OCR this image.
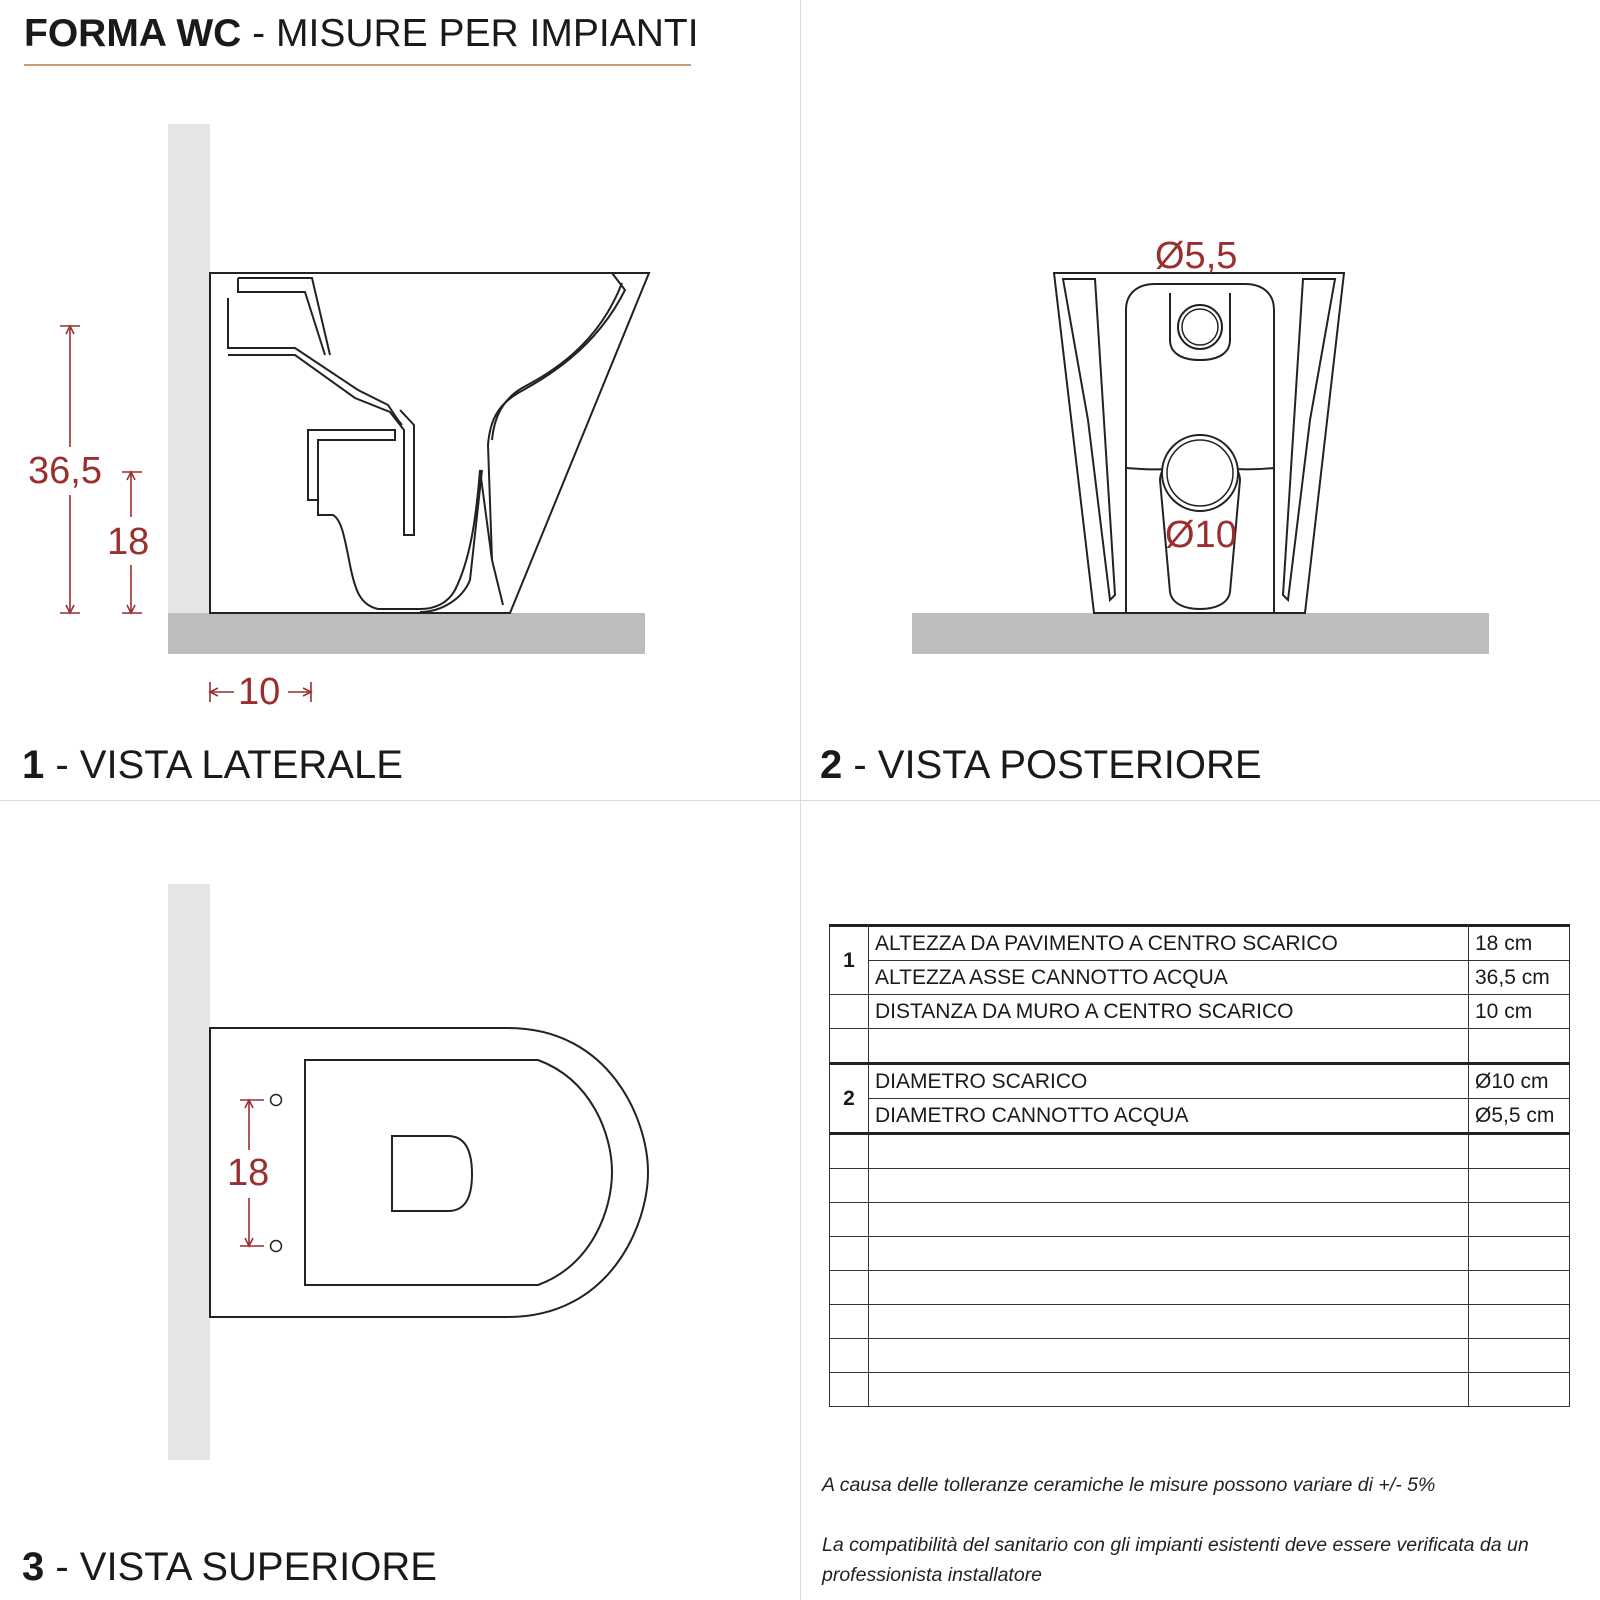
FORMA WC - MISURE PER IMPIANTI
36,5
18
10
Ø5,5
Ø10
18
1 - VISTA LATERALE	2 - VISTA POSTERIORE
3 - VISTA SUPERIORE
1	ALTEZZA DA PAVIMENTO A CENTRO SCARICO	18 cm
	ALTEZZA ASSE CANNOTTO ACQUA	36,5 cm
	DISTANZA DA MURO A CENTRO SCARICO	10 cm

2	DIAMETRO SCARICO	Ø10 cm
	DIAMETRO CANNOTTO ACQUA	Ø5,5 cm

A causa delle tolleranze ceramiche le misure possono variare di +/- 5%
La compatibilità del sanitario con gli impianti esistenti deve essere verificata da un professionista installatore
